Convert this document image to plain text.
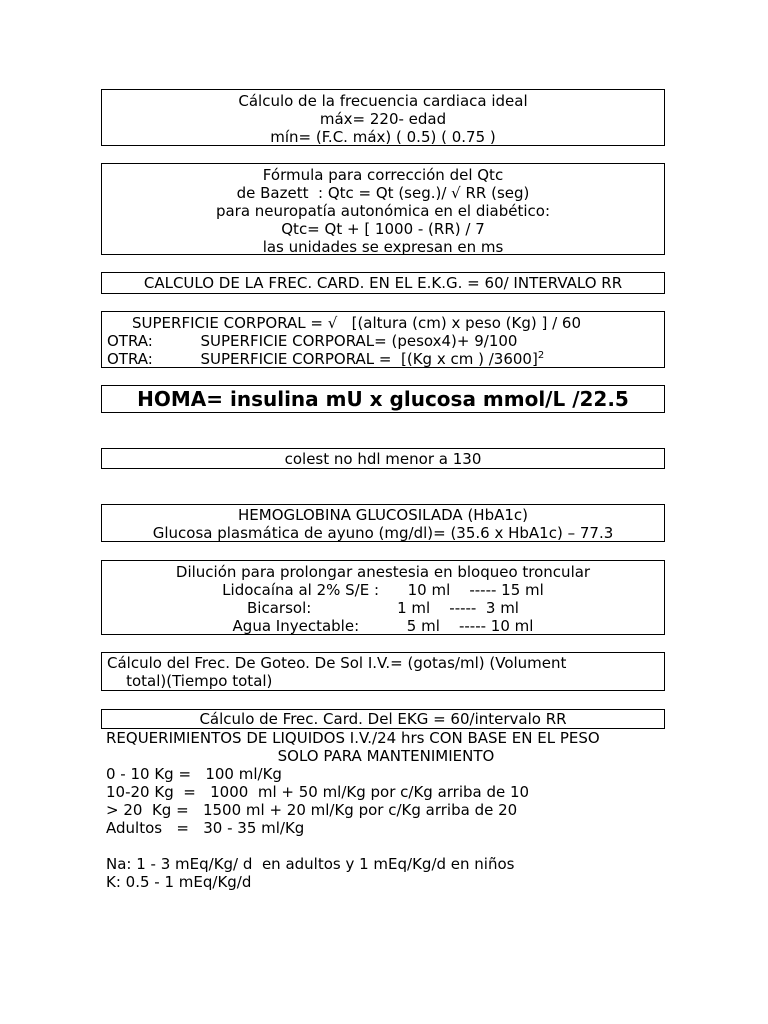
Cálculo de la frecuencia cardiaca ideal
máx= 220- edad
mín= (F.C. máx) ( 0.5) ( 0.75 )
Fórmula para corrección del Qtc
de Bazett  : Qtc = Qt (seg.)/ √ RR (seg)
para neuropatía autonómica en el diabético:
Qtc= Qt + [ 1000 - (RR) / 7
las unidades se expresan en ms
CALCULO DE LA FREC. CARD. EN EL E.K.G. = 60/ INTERVALO RR
SUPERFICIE CORPORAL = √   [(altura (cm) x peso (Kg) ] / 60
OTRA:          SUPERFICIE CORPORAL= (pesox4)+ 9/100
OTRA:          SUPERFICIE CORPORAL =  [(Kg x cm ) /3600]$^2$
HOMA= insulina mU x glucosa mmol/L /22.5
colest no hdl menor a 130
HEMOGLOBINA GLUCOSILADA (HbA1c)
Glucosa plasmática de ayuno (mg/dl)= (35.6 x HbA1c) – 77.3
Dilución para prolongar anestesia en bloqueo troncular
Lidocaína al 2% S/E :      10 ml    ----- 15 ml
Bicarsol:                  1 ml    -----  3 ml
Agua Inyectable:          5 ml    ----- 10 ml
Cálculo del Frec. De Goteo. De Sol I.V.= (gotas/ml) (Volument
total)(Tiempo total)
Cálculo de Frec. Card. Del EKG = 60/intervalo RR
REQUERIMIENTOS DE LIQUIDOS I.V./24 hrs CON BASE EN EL PESO
SOLO PARA MANTENIMIENTO
0 - 10 Kg =   100 ml/Kg
10-20 Kg  =   1000  ml + 50 ml/Kg por c/Kg arriba de 10
> 20  Kg =   1500 ml + 20 ml/Kg por c/Kg arriba de 20
Adultos   =   30 - 35 ml/Kg

Na: 1 - 3 mEq/Kg/ d  en adultos y 1 mEq/Kg/d en niños
K: 0.5 - 1 mEq/Kg/d
